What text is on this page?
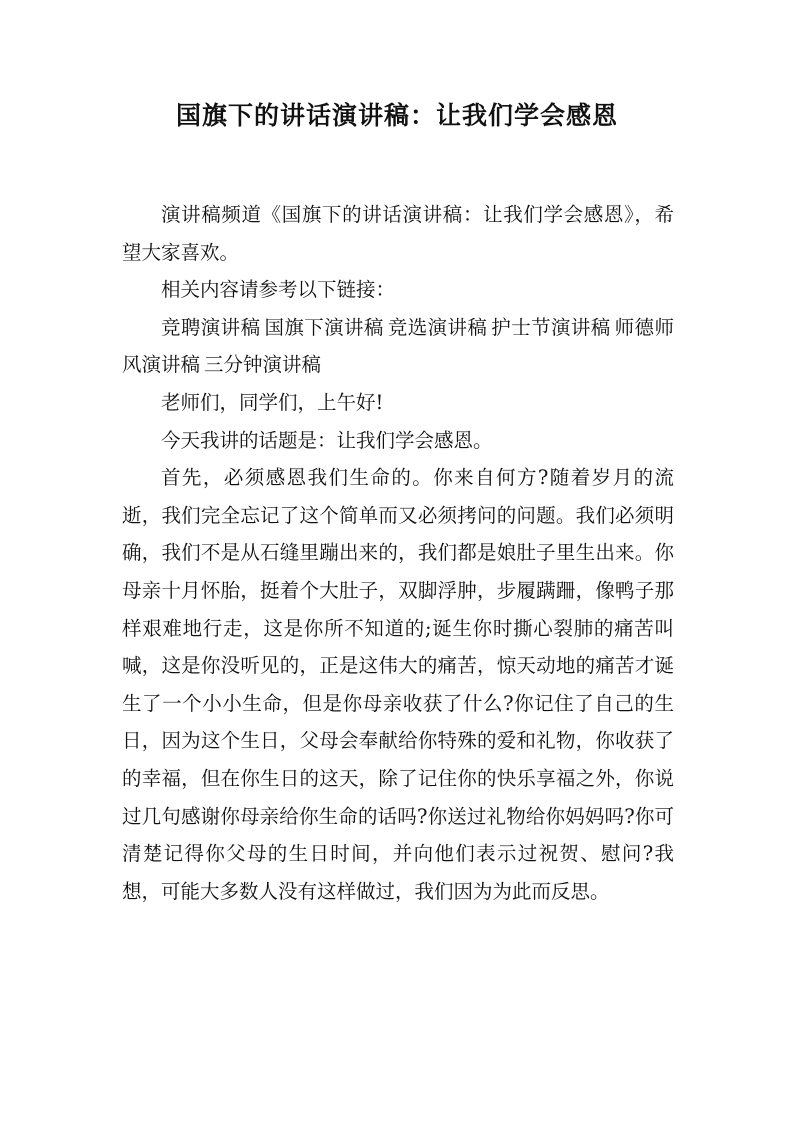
国旗下的讲话演讲稿：让我们学会感恩

演讲稿频道《国旗下的讲话演讲稿：让我们学会感恩》，希望大家喜欢。

相关内容请参考以下链接：

竞聘演讲稿 国旗下演讲稿 竞选演讲稿 护士节演讲稿 师德师风演讲稿 三分钟演讲稿

老师们，同学们，上午好!

今天我讲的话题是：让我们学会感恩。

首先，必须感恩我们生命的。你来自何方?随着岁月的流逝，我们完全忘记了这个简单而又必须拷问的问题。我们必须明确，我们不是从石缝里蹦出来的，我们都是娘肚子里生出来。你母亲十月怀胎，挺着个大肚子，双脚浮肿，步履蹒跚，像鸭子那样艰难地行走，这是你所不知道的;诞生你时撕心裂肺的痛苦叫喊，这是你没听见的，正是这伟大的痛苦，惊天动地的痛苦才诞生了一个小小生命，但是你母亲收获了什么?你记住了自己的生日，因为这个生日，父母会奉献给你特殊的爱和礼物，你收获了的幸福，但在你生日的这天，除了记住你的快乐享福之外，你说过几句感谢你母亲给你生命的话吗?你送过礼物给你妈妈吗?你可清楚记得你父母的生日时间，并向他们表示过祝贺、慰问?我想，可能大多数人没有这样做过，我们因为为此而反思。
